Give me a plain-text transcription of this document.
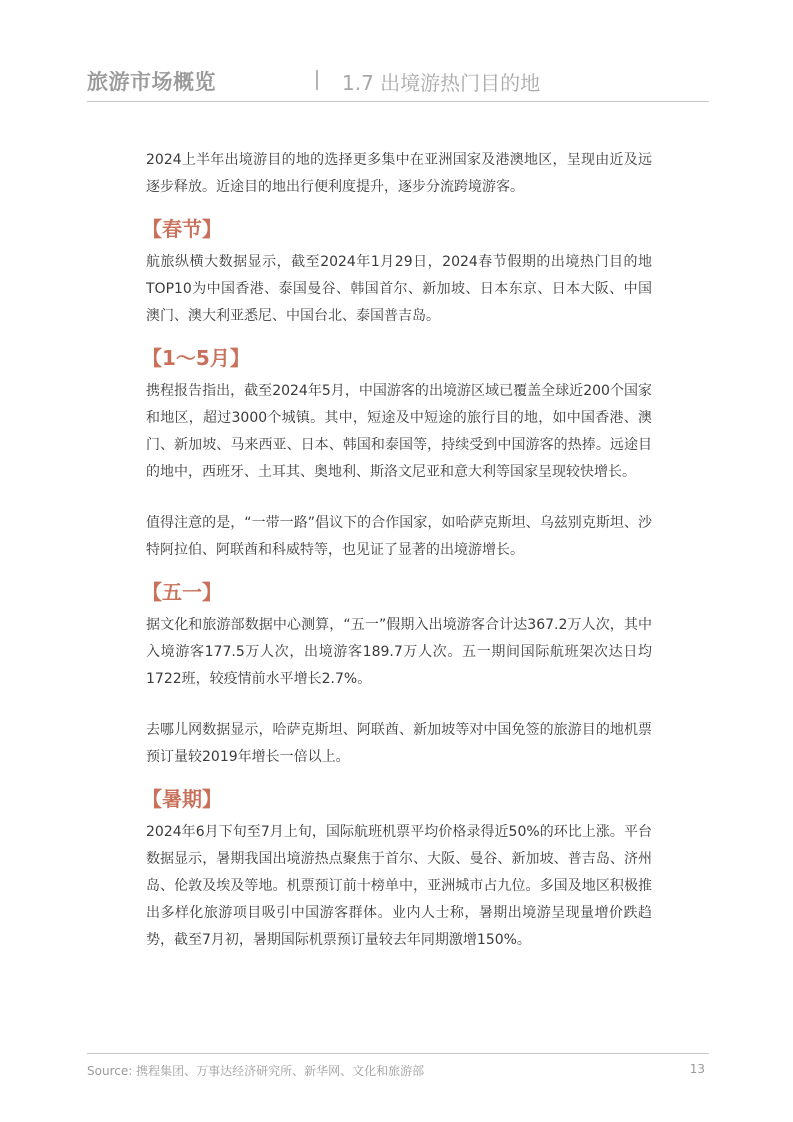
旅游市场概览	1.7 出境游热门目的地

2024上半年出境游目的地的选择更多集中在亚洲国家及港澳地区，呈现由近及远逐步释放。近途目的地出行便利度提升，逐步分流跨境游客。

【春节】

航旅纵横大数据显示，截至2024年1月29日，2024春节假期的出境热门目的地TOP10为中国香港、泰国曼谷、韩国首尔、新加坡、日本东京、日本大阪、中国澳门、澳大利亚悉尼、中国台北、泰国普吉岛。

【1～5月】

携程报告指出，截至2024年5月，中国游客的出境游区域已覆盖全球近200个国家和地区，超过3000个城镇。其中，短途及中短途的旅行目的地，如中国香港、澳门、新加坡、马来西亚、日本、韩国和泰国等，持续受到中国游客的热捧。远途目的地中，西班牙、土耳其、奥地利、斯洛文尼亚和意大利等国家呈现较快增长。

值得注意的是，“一带一路”倡议下的合作国家，如哈萨克斯坦、乌兹别克斯坦、沙特阿拉伯、阿联酋和科威特等，也见证了显著的出境游增长。

【五一】

据文化和旅游部数据中心测算，“五一”假期入出境游客合计达367.2万人次，其中入境游客177.5万人次，出境游客189.7万人次。五一期间国际航班架次达日均1722班，较疫情前水平增长2.7%。

去哪儿网数据显示，哈萨克斯坦、阿联酋、新加坡等对中国免签的旅游目的地机票预订量较2019年增长一倍以上。

【暑期】

2024年6月下旬至7月上旬，国际航班机票平均价格录得近50%的环比上涨。平台数据显示，暑期我国出境游热点聚焦于首尔、大阪、曼谷、新加坡、普吉岛、济州岛、伦敦及埃及等地。机票预订前十榜单中，亚洲城市占九位。多国及地区积极推出多样化旅游项目吸引中国游客群体。业内人士称，暑期出境游呈现量增价跌趋势，截至7月初，暑期国际机票预订量较去年同期激增150%。

Source: 携程集团、万事达经济研究所、新华网、文化和旅游部	13
